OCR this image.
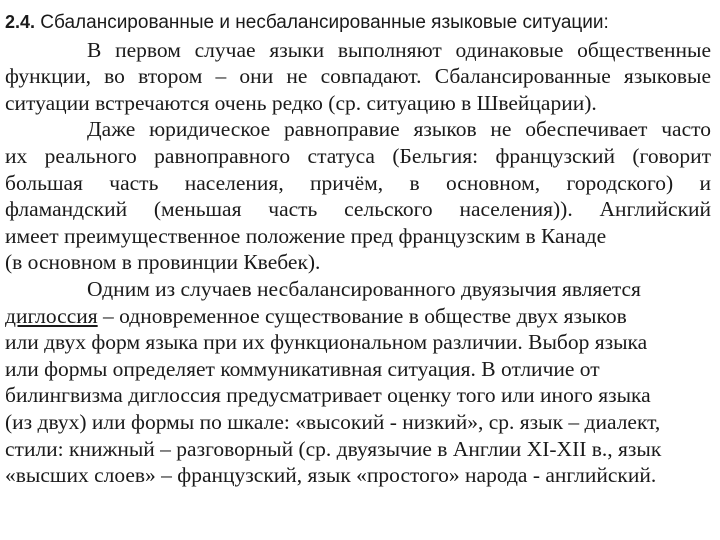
2.4. Сбалансированные и несбалансированные языковые ситуации:
В первом случае языки выполняют одинаковые общественные
функции, во втором – они не совпадают. Сбалансированные языковые
ситуации встречаются очень редко (ср. ситуацию в Швейцарии).
Даже юридическое равноправие языков не обеспечивает часто
их реального равноправного статуса (Бельгия: французский (говорит
большая часть населения, причём, в основном, городского) и
фламандский (меньшая часть сельского населения)). Английский
имеет преимущественное положение пред французским в Канаде
(в основном в провинции Квебек).
Одним из случаев несбалансированного двуязычия является
диглоссия – одновременное существование в обществе двух языков
или двух форм языка при их функциональном различии. Выбор языка
или формы определяет коммуникативная ситуация. В отличие от
билингвизма диглоссия предусматривает оценку того или иного языка
(из двух) или формы по шкале: «высокий - низкий», ср. язык – диалект,
стили: книжный – разговорный (ср. двуязычие в Англии XI-XII в., язык
«высших слоев» – французский, язык «простого» народа - английский.
